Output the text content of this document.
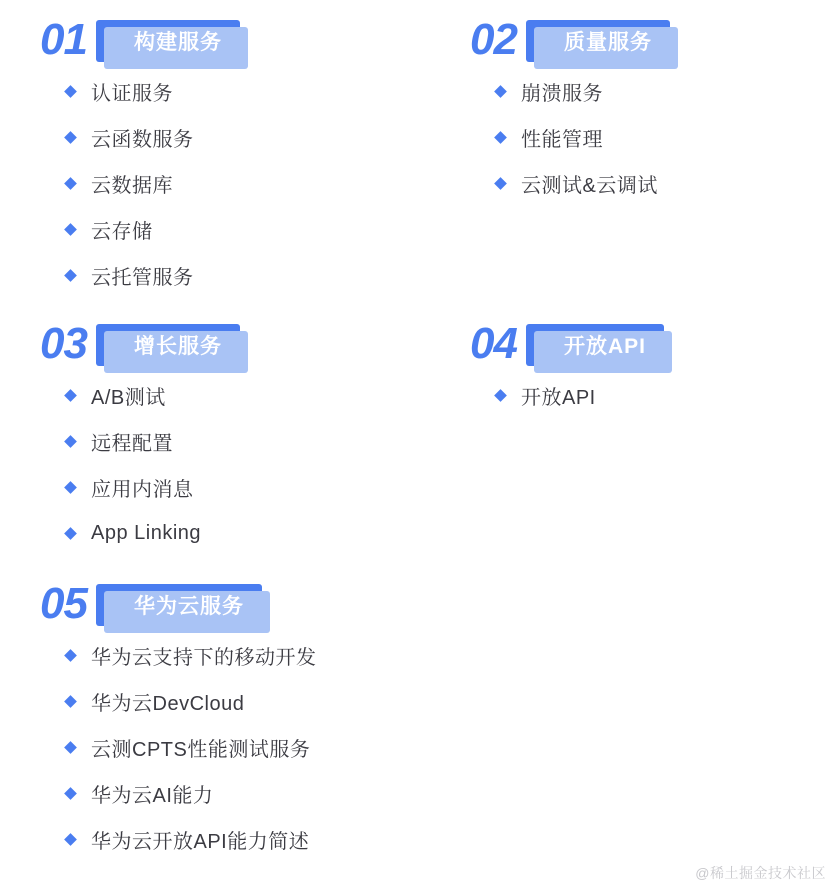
01	构建服务
认证服务
云函数服务
云数据库
云存储
云托管服务
03	增长服务
A/B测试
远程配置
应用内消息
App Linking
05	华为云服务
华为云支持下的移动开发
华为云DevCloud
云测CPTS性能测试服务
华为云AI能力
华为云开放API能力简述
02	质量服务
崩溃服务
性能管理
云测试&云调试
04	开放API
开放API
@稀土掘金技术社区
